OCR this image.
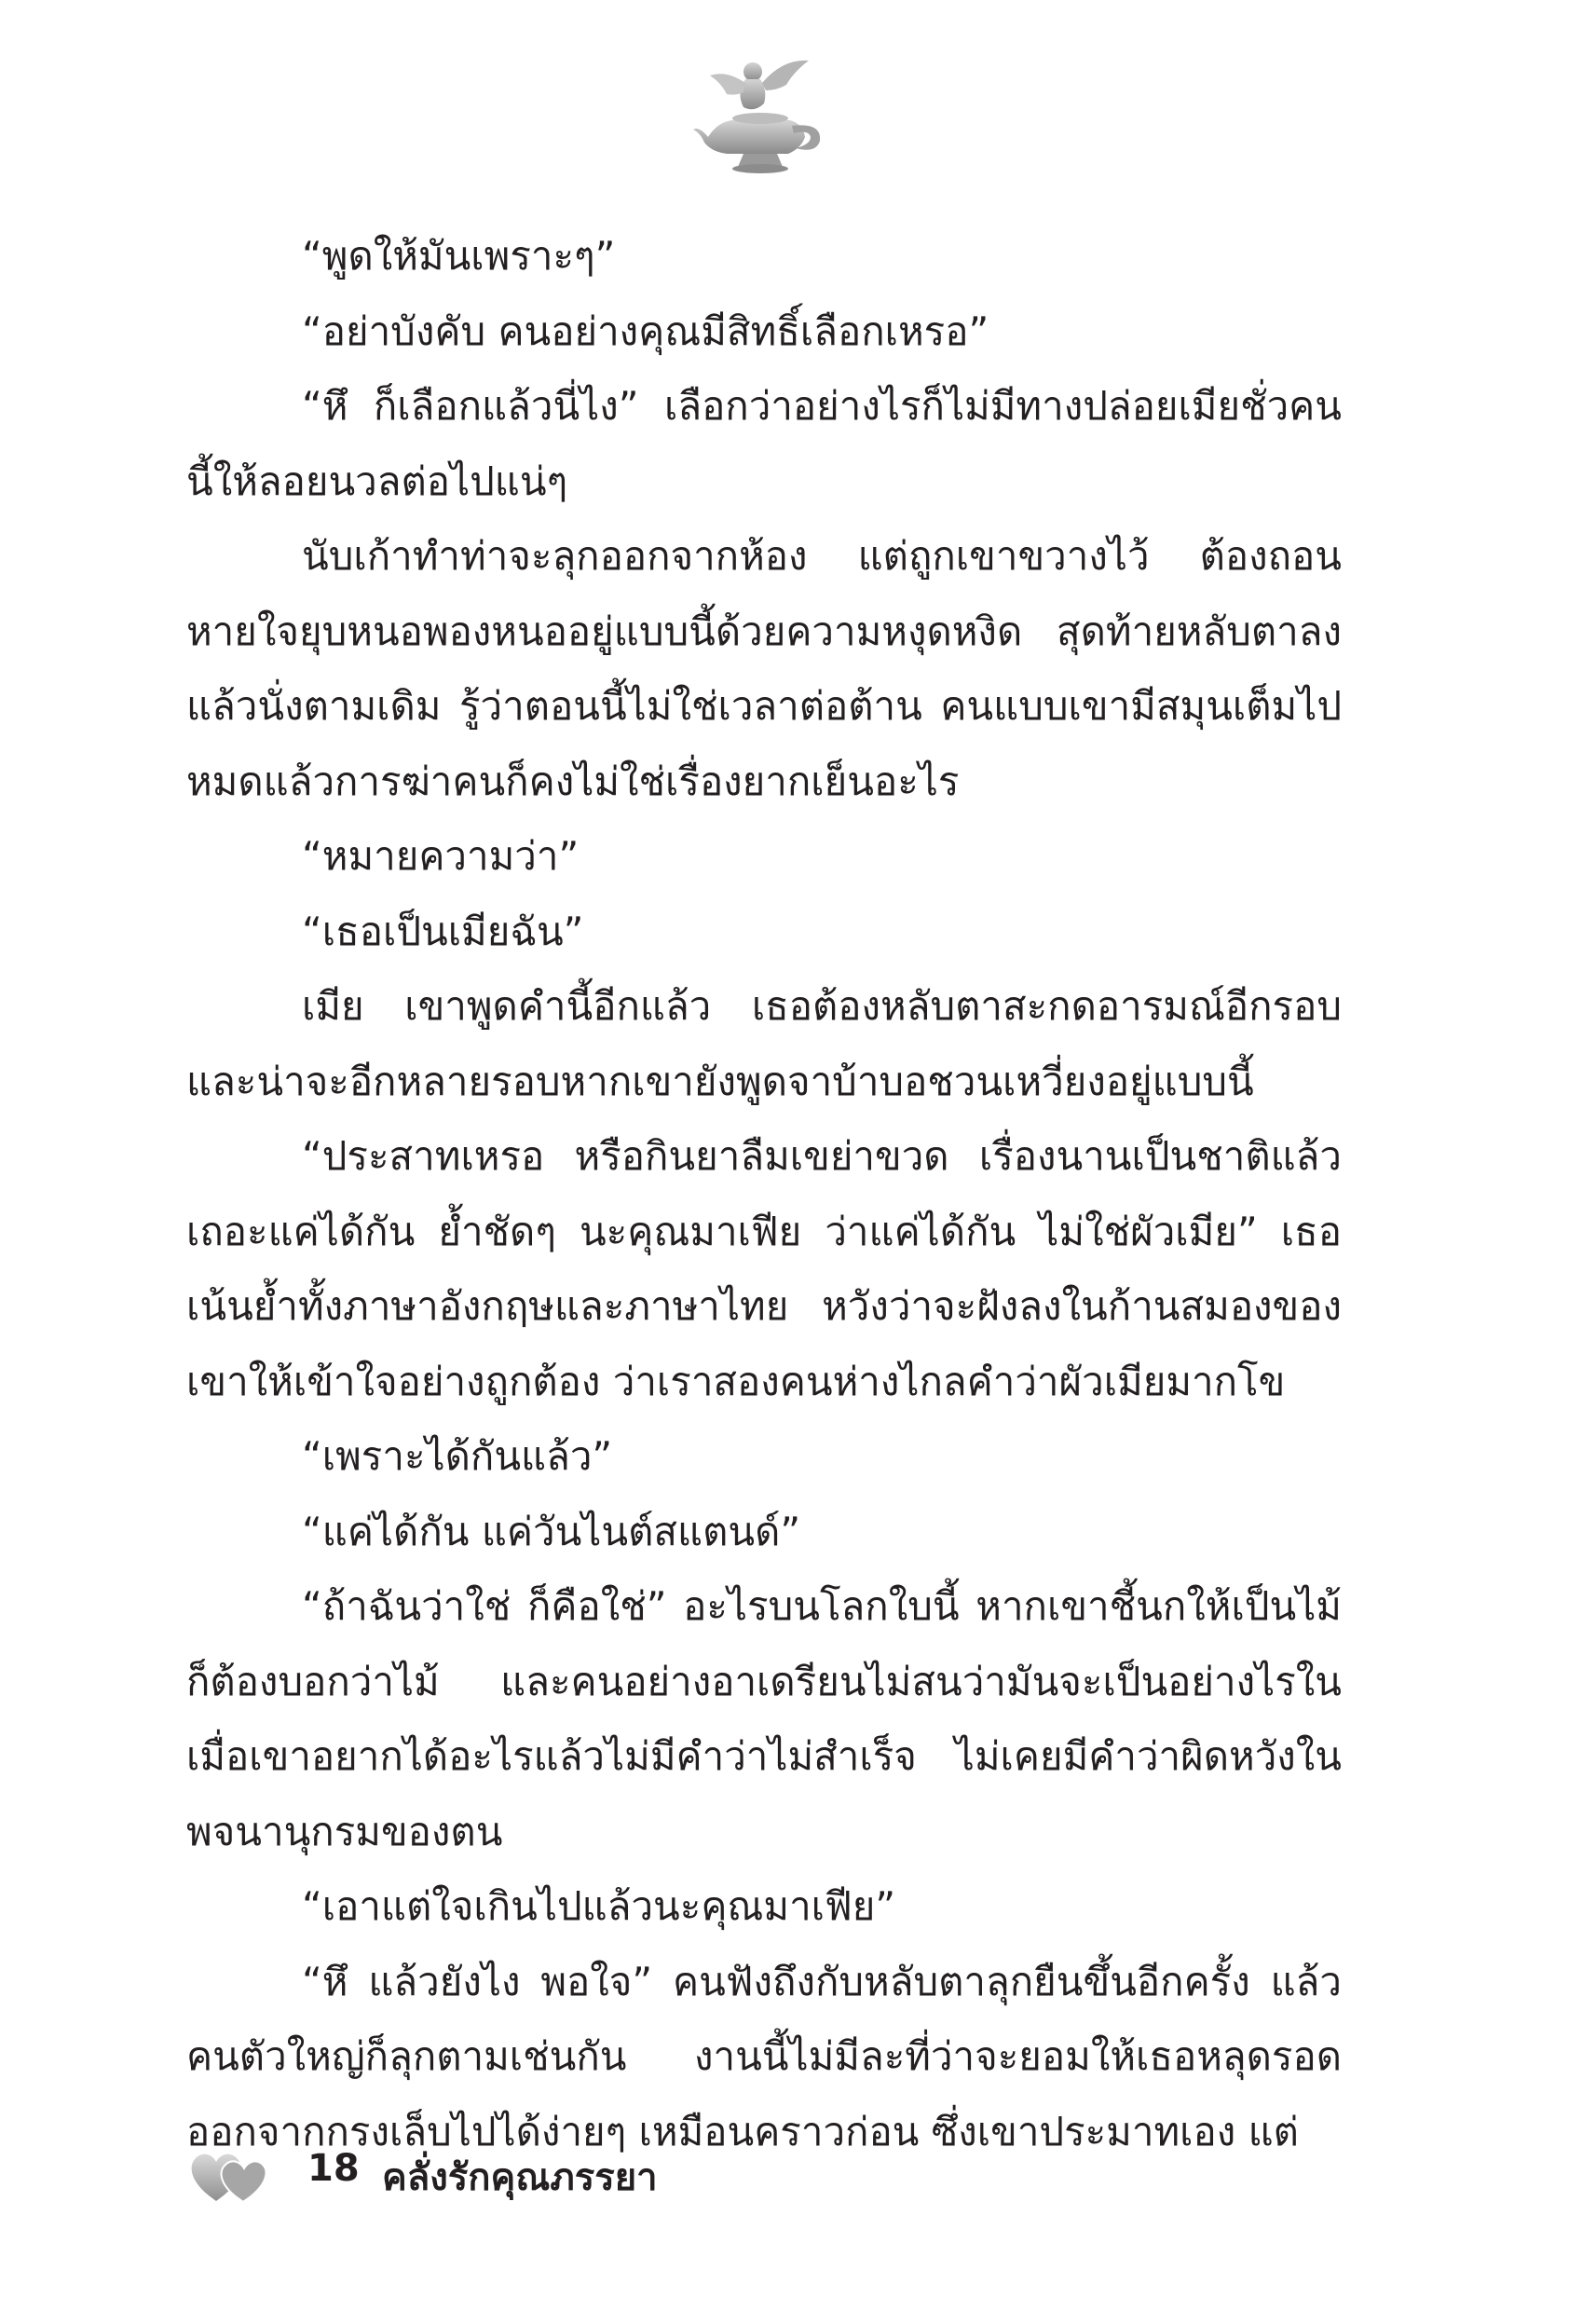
“พูดให้มันเพราะๆ”
“อย่าบังคับ คนอย่างคุณมีสิทธิ์เลือกเหรอ”
“หึ ก็เลือกแล้วนี่ไง” เลือกว่าอย่างไรก็ไม่มีทางปล่อยเมียชั่วคนนี้ให้ลอยนวลต่อไปแน่ๆ
นับเก้าทำท่าจะลุกออกจากห้อง แต่ถูกเขาขวางไว้ ต้องถอนหายใจยุบหนอพองหนออยู่แบบนี้ด้วยความหงุดหงิด สุดท้ายหลับตาลงแล้วนั่งตามเดิม รู้ว่าตอนนี้ไม่ใช่เวลาต่อต้าน คนแบบเขามีสมุนเต็มไปหมดแล้วการฆ่าคนก็คงไม่ใช่เรื่องยากเย็นอะไร
“หมายความว่า”
“เธอเป็นเมียฉัน”
เมีย เขาพูดคำนี้อีกแล้ว เธอต้องหลับตาสะกดอารมณ์อีกรอบและน่าจะอีกหลายรอบหากเขายังพูดจาบ้าบอชวนเหวี่ยงอยู่แบบนี้
“ประสาทเหรอ หรือกินยาลืมเขย่าขวด เรื่องนานเป็นชาติแล้วเถอะแค่ได้กัน ย้ำชัดๆ นะคุณมาเฟีย ว่าแค่ได้กัน ไม่ใช่ผัวเมีย” เธอเน้นย้ำทั้งภาษาอังกฤษและภาษาไทย หวังว่าจะฝังลงในก้านสมองของเขาให้เข้าใจอย่างถูกต้อง ว่าเราสองคนห่างไกลคำว่าผัวเมียมากโข
“เพราะได้กันแล้ว”
“แค่ได้กัน แค่วันไนต์สแตนด์”
“ถ้าฉันว่าใช่ ก็คือใช่” อะไรบนโลกใบนี้ หากเขาชี้นกให้เป็นไม้ก็ต้องบอกว่าไม้ และคนอย่างอาเดรียนไม่สนว่ามันจะเป็นอย่างไรในเมื่อเขาอยากได้อะไรแล้วไม่มีคำว่าไม่สำเร็จ ไม่เคยมีคำว่าผิดหวังในพจนานุกรมของตน
“เอาแต่ใจเกินไปแล้วนะคุณมาเฟีย”
“หึ แล้วยังไง พอใจ” คนฟังถึงกับหลับตาลุกยืนขึ้นอีกครั้ง แล้วคนตัวใหญ่ก็ลุกตามเช่นกัน งานนี้ไม่มีละที่ว่าจะยอมให้เธอหลุดรอดออกจากกรงเล็บไปได้ง่ายๆ เหมือนคราวก่อน ซึ่งเขาประมาทเอง แต่
18 คลั่งรักคุณภรรยา
